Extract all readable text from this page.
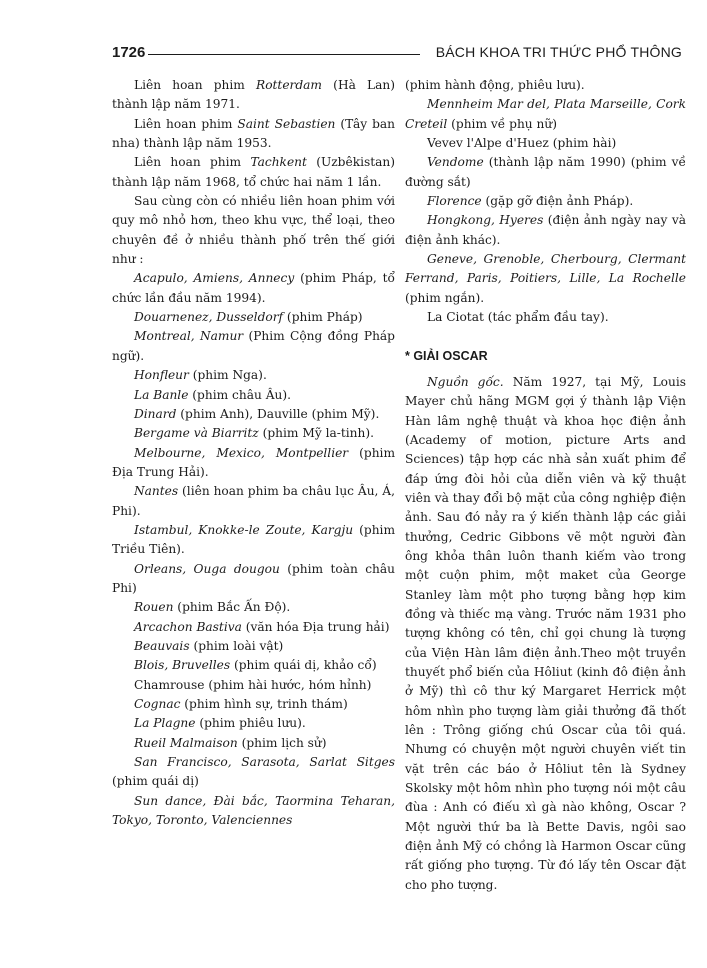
1726	BÁCH KHOA TRI THỨC PHỔ THÔNG

Liên hoan phim Rotterdam (Hà Lan) thành lập năm 1971.

Liên hoan phim Saint Sebastien (Tây ban nha) thành lập năm 1953.

Liên hoan phim Tachkent (Uzbêkistan) thành lập năm 1968, tổ chức hai năm 1 lần.

Sau cùng còn có nhiều liên hoan phim với quy mô nhỏ hơn, theo khu vực, thể loại, theo chuyên đề ở nhiều thành phố trên thế giới như :

Acapulo, Amiens, Annecy (phim Pháp, tổ chức lần đầu năm 1994).

Douarnenez, Dusseldorf (phim Pháp)

Montreal, Namur (Phim Cộng đồng Pháp ngữ).

Honfleur (phim Nga).

La Banle (phim châu Âu).

Dinard (phim Anh), Dauville (phim Mỹ).

Bergame và Biarritz (phim Mỹ la-tinh).

Melbourne, Mexico, Montpellier (phim Địa Trung Hải).

Nantes (liên hoan phim ba châu lục Âu, Á, Phi).

Istambul, Knokke-le Zoute, Kargju (phim Triều Tiên).

Orleans, Ouga dougou (phim toàn châu Phi)

Rouen (phim Bắc Ấn Độ).

Arcachon Bastiva (văn hóa Địa trung hải)

Beauvais (phim loài vật)

Blois, Bruvelles (phim quái dị, khảo cổ)

Chamrouse (phim hài hước, hóm hỉnh)

Cognac (phim hình sự, trinh thám)

La Plagne (phim phiêu lưu).

Rueil Malmaison (phim lịch sử)

San Francisco, Sarasota, Sarlat Sitges (phim quái dị)

Sun dance, Đài bắc, Taormina Teharan, Tokyo, Toronto, Valenciennes

(phim hành động, phiêu lưu).

Mennheim Mar del, Plata Marseille, Cork Creteil (phim về phụ nữ)

Vevev l'Alpe d'Huez (phim hài)

Vendome (thành lập năm 1990) (phim về đường sắt)

Florence (gặp gỡ điện ảnh Pháp).

Hongkong, Hyeres (điện ảnh ngày nay và điện ảnh khác).

Geneve, Grenoble, Cherbourg, Clermant Ferrand, Paris, Poitiers, Lille, La Rochelle (phim ngắn).

La Ciotat (tác phẩm đầu tay).

* GIẢI OSCAR

Nguồn gốc. Năm 1927, tại Mỹ, Louis Mayer chủ hãng MGM gợi ý thành lập Viện Hàn lâm nghệ thuật và khoa học điện ảnh (Academy of motion, picture Arts and Sciences) tập hợp các nhà sản xuất phim để đáp ứng đòi hỏi của diễn viên và kỹ thuật viên và thay đổi bộ mặt của công nghiệp điện ảnh. Sau đó nảy ra ý kiến thành lập các giải thưởng, Cedric Gibbons vẽ một người đàn ông khỏa thân luôn thanh kiếm vào trong một cuộn phim, một maket của George Stanley làm một pho tượng bằng hợp kim đồng và thiếc mạ vàng. Trước năm 1931 pho tượng không có tên, chỉ gọi chung là tượng của Viện Hàn lâm điện ảnh.Theo một truyền thuyết phổ biến của Hôliut (kinh đô điện ảnh ở Mỹ) thì cô thư ký Margaret Herrick một hôm nhìn pho tượng làm giải thưởng đã thốt lên : Trông giống chú Oscar của tôi quá. Nhưng có chuyện một người chuyên viết tin vặt trên các báo ở Hôliut tên là Sydney Skolsky một hôm nhìn pho tượng nói một câu đùa : Anh có điếu xì gà nào không, Oscar ? Một người thứ ba là Bette Davis, ngôi sao điện ảnh Mỹ có chồng là Harmon Oscar cũng rất giống pho tượng. Từ đó lấy tên Oscar đặt cho pho tượng.
